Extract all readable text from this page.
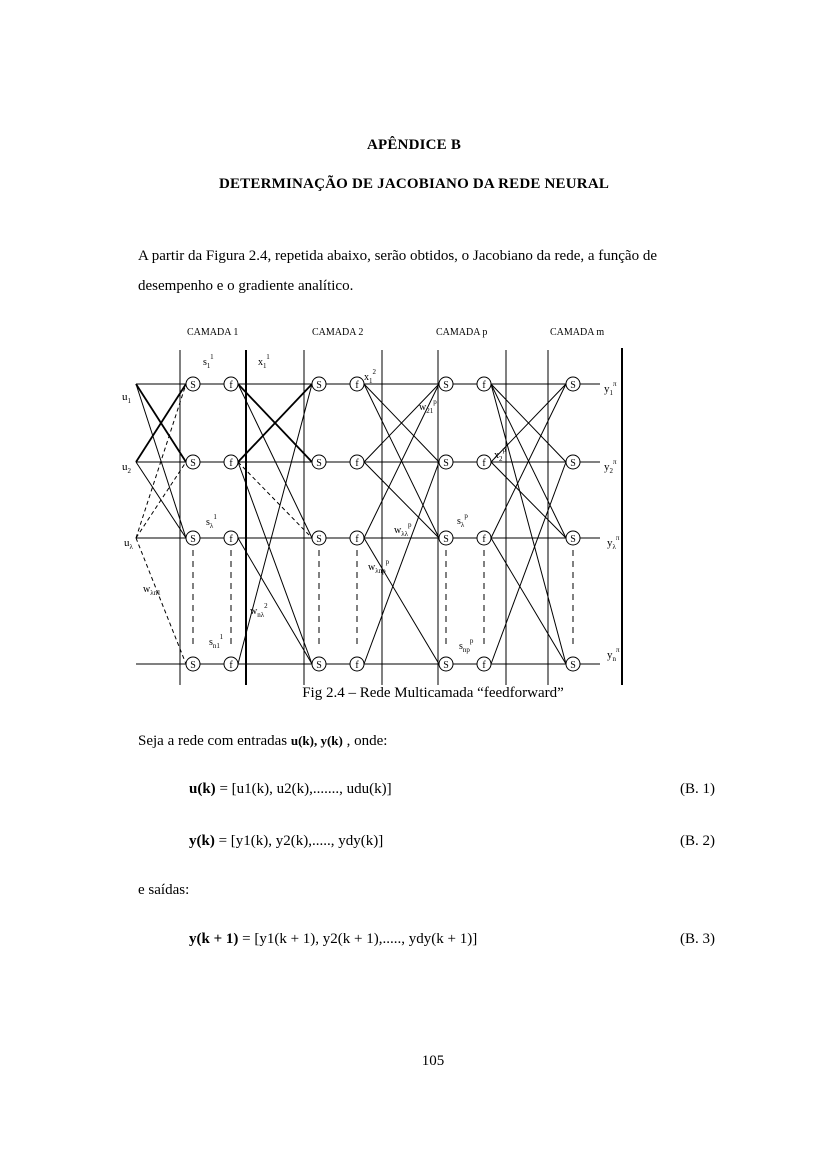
APÊNDICE B
DETERMINAÇÃO DE JACOBIANO DA REDE NEURAL
A partir da Figura 2.4, repetida abaixo, serão obtidos, o Jacobiano da rede, a função de
desempenho e o gradiente analítico.
CAMADA 1	CAMADA 2	CAMADA p	CAMADA m
S	f	S	f	S	f	S
S	f	S	f	S	f	S
S	f	S	f	S	f	S
S	f	S	f	S	f	S
$u_1$
$u_2$
$u_\lambda$
$y_1^\pi$
$y_2^\pi$
$y_\lambda^\pi$
$y_n^\pi$
$s_1^1$	$x_1^1$
$x_1^2$
$w_{21}^p$
$x_2^p$
$s_\lambda^1$
$w_{\lambda\lambda}^p$	$s_\lambda^p$
$w_{\lambda np}^p$
$w_{\lambda n1}$
$w_{n\lambda}^2$
$s_{n1}^1$
$s_{np}^p$
Fig 2.4 – Rede Multicamada “feedforward”
Seja a rede com entradas u(k), y(k) , onde:
u(k) = [u1(k), u2(k),......., udu(k)]	(B. 1)
y(k) = [y1(k), y2(k),....., ydy(k)]	(B. 2)
e saídas:
y(k + 1) = [y1(k + 1), y2(k + 1),....., ydy(k + 1)]	(B. 3)
105
